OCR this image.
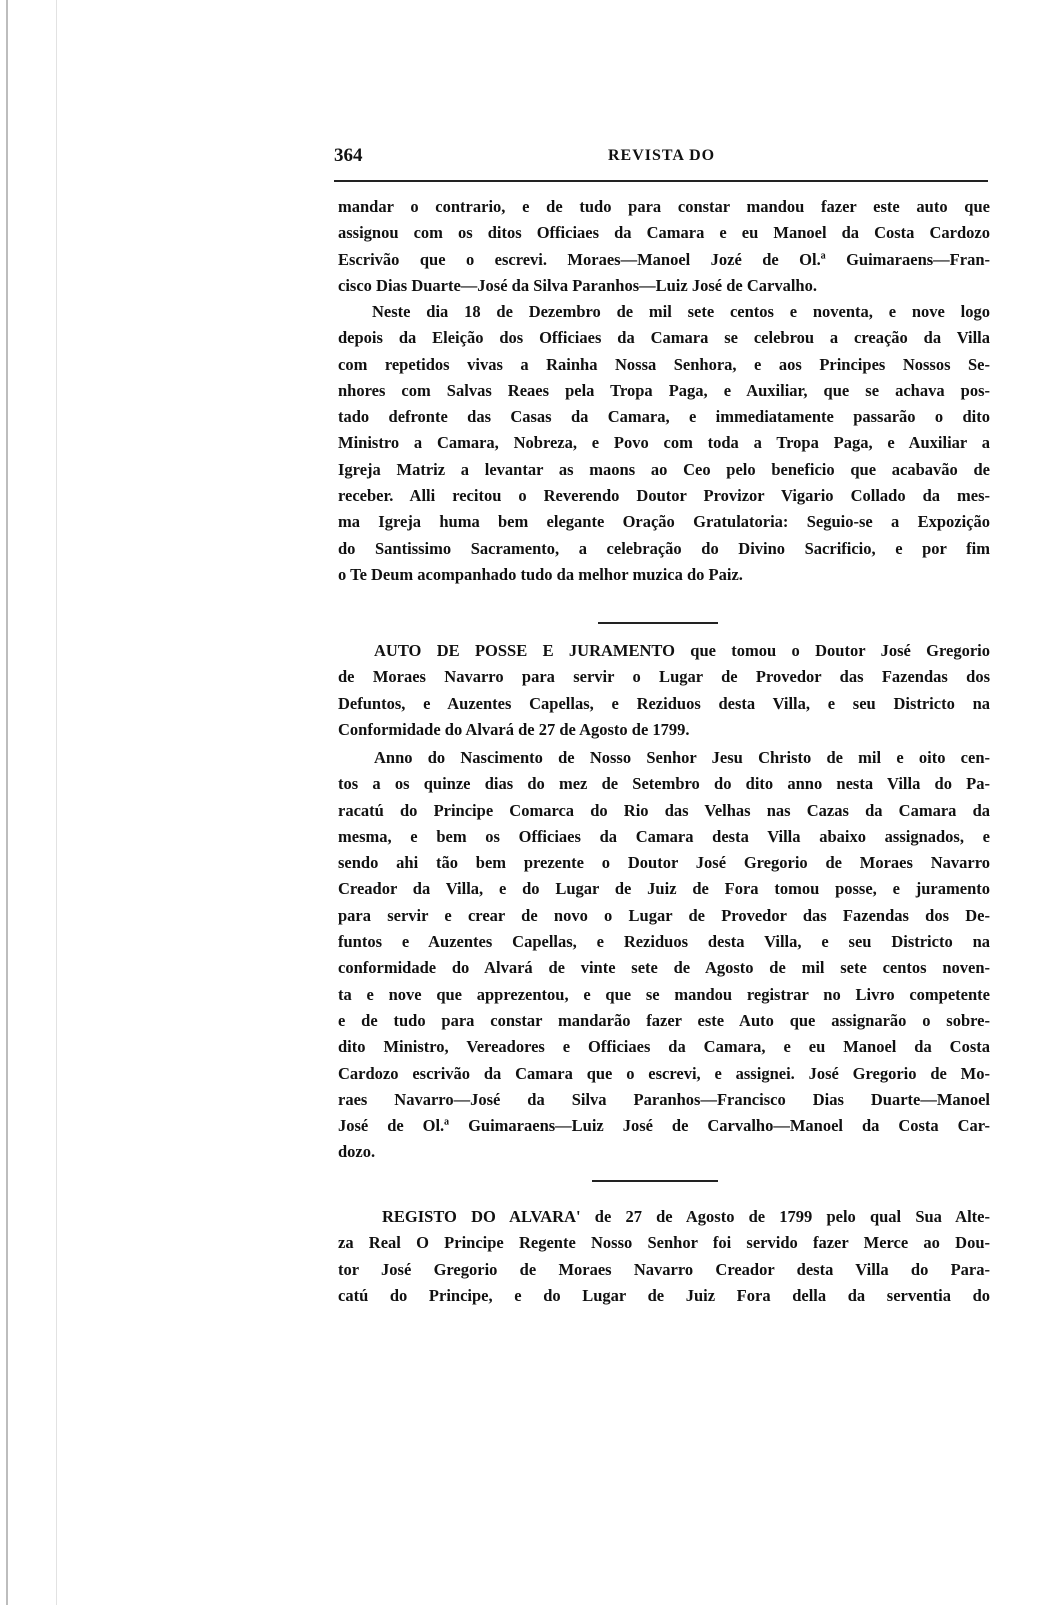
364	REVISTA DO
mandar o contrario, e de tudo para constar mandou fazer este auto que
assignou com os ditos Officiaes da Camara e eu Manoel da Costa Cardozo
Escrivão que o escrevi. Moraes—Manoel Jozé de Ol.ª Guimaraens—Fran-
cisco Dias Duarte—José da Silva Paranhos—Luiz José de Carvalho.
Neste dia 18 de Dezembro de mil sete centos e noventa, e nove logo
depois da Eleição dos Officiaes da Camara se celebrou a creação da Villa
com repetidos vivas a Rainha Nossa Senhora, e aos Principes Nossos Se-
nhores com Salvas Reaes pela Tropa Paga, e Auxiliar, que se achava pos-
tado defronte das Casas da Camara, e immediatamente passarão o dito
Ministro a Camara, Nobreza, e Povo com toda a Tropa Paga, e Auxiliar a
Igreja Matriz a levantar as maons ao Ceo pelo beneficio que acabavão de
receber. Alli recitou o Reverendo Doutor Provizor Vigario Collado da mes-
ma Igreja huma bem elegante Oração Gratulatoria: Seguio-se a Expozição
do Santissimo Sacramento, a celebração do Divino Sacrificio, e por fim
o Te Deum acompanhado tudo da melhor muzica do Paiz.
AUTO DE POSSE E JURAMENTO que tomou o Doutor José Gregorio
de Moraes Navarro para servir o Lugar de Provedor das Fazendas dos
Defuntos, e Auzentes Capellas, e Reziduos desta Villa, e seu Districto na
Conformidade do Alvará de 27 de Agosto de 1799.
Anno do Nascimento de Nosso Senhor Jesu Christo de mil e oito cen-
tos a os quinze dias do mez de Setembro do dito anno nesta Villa do Pa-
racatú do Principe Comarca do Rio das Velhas nas Cazas da Camara da
mesma, e bem os Officiaes da Camara desta Villa abaixo assignados, e
sendo ahi tão bem prezente o Doutor José Gregorio de Moraes Navarro
Creador da Villa, e do Lugar de Juiz de Fora tomou posse, e juramento
para servir e crear de novo o Lugar de Provedor das Fazendas dos De-
funtos e Auzentes Capellas, e Reziduos desta Villa, e seu Districto na
conformidade do Alvará de vinte sete de Agosto de mil sete centos noven-
ta e nove que apprezentou, e que se mandou registrar no Livro competente
e de tudo para constar mandarão fazer este Auto que assignarão o sobre-
dito Ministro, Vereadores e Officiaes da Camara, e eu Manoel da Costa
Cardozo escrivão da Camara que o escrevi, e assignei. José Gregorio de Mo-
raes Navarro—José da Silva Paranhos—Francisco Dias Duarte—Manoel
José de Ol.ª Guimaraens—Luiz José de Carvalho—Manoel da Costa Car-
dozo.
REGISTO DO ALVARA' de 27 de Agosto de 1799 pelo qual Sua Alte-
za Real O Principe Regente Nosso Senhor foi servido fazer Merce ao Dou-
tor José Gregorio de Moraes Navarro Creador desta Villa do Para-
catú do Principe, e do Lugar de Juiz Fora della da serventia do
